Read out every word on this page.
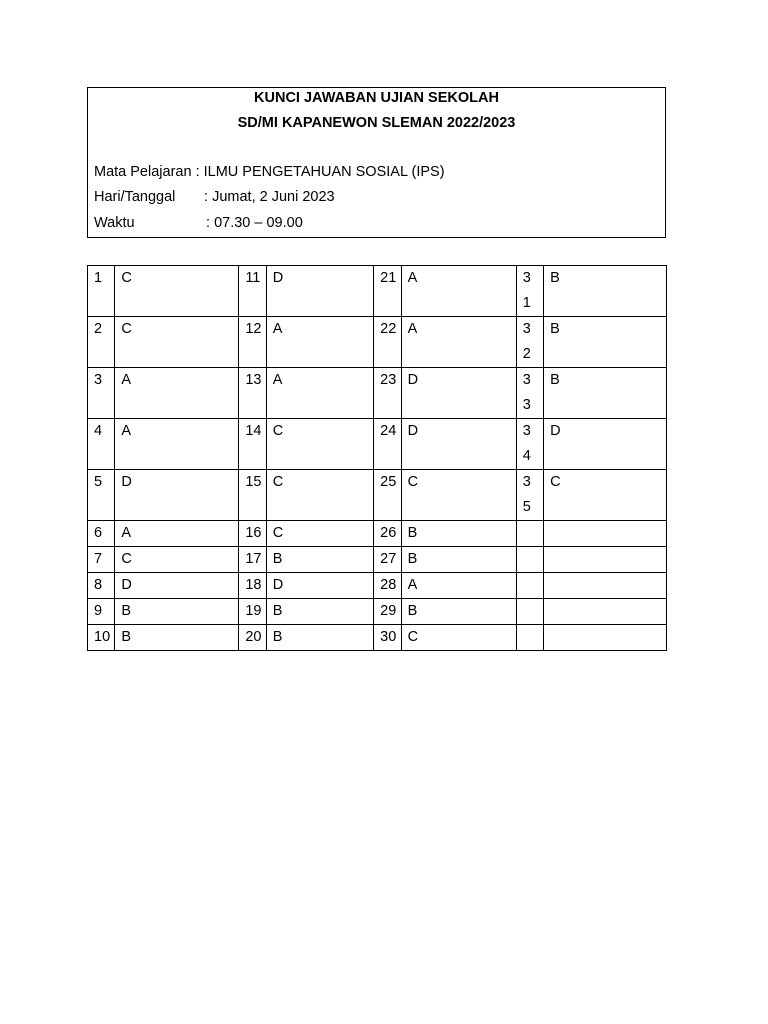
KUNCI JAWABAN UJIAN SEKOLAH
SD/MI KAPANEWON SLEMAN 2022/2023
Mata Pelajaran : ILMU PENGETAHUAN SOSIAL (IPS)
Hari/Tanggal : Jumat, 2 Juni 2023
Waktu	: 07.30 – 09.00
1	C	11	D	21	A	31	B
2	C	12	A	22	A	32	B
3	A	13	A	23	D	33	B
4	A	14	C	24	D	34	D
5	D	15	C	25	C	35	C
6	A	16	C	26	B	

7	C	17	B	27	B	

8	D	18	D	28	A	

9	B	19	B	29	B	

10	B	20	B	30	C	
